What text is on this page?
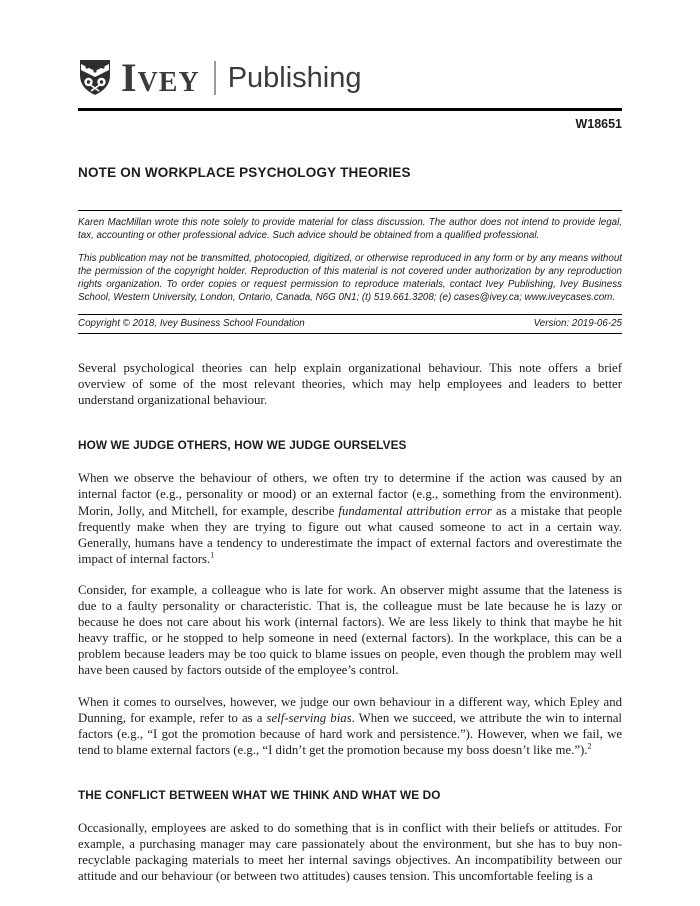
Ivey Publishing
W18651
NOTE ON WORKPLACE PSYCHOLOGY THEORIES

Karen MacMillan wrote this note solely to provide material for class discussion. The author does not intend to provide legal, tax, accounting or other professional advice. Such advice should be obtained from a qualified professional.

This publication may not be transmitted, photocopied, digitized, or otherwise reproduced in any form or by any means without the permission of the copyright holder. Reproduction of this material is not covered under authorization by any reproduction rights organization. To order copies or request permission to reproduce materials, contact Ivey Publishing, Ivey Business School, Western University, London, Ontario, Canada, N6G 0N1; (t) 519.661.3208; (e) cases@ivey.ca; www.iveycases.com.

Copyright © 2018, Ivey Business School Foundation	Version: 2019-06-25

Several psychological theories can help explain organizational behaviour. This note offers a brief overview of some of the most relevant theories, which may help employees and leaders to better understand organizational behaviour.

HOW WE JUDGE OTHERS, HOW WE JUDGE OURSELVES

When we observe the behaviour of others, we often try to determine if the action was caused by an internal factor (e.g., personality or mood) or an external factor (e.g., something from the environment). Morin, Jolly, and Mitchell, for example, describe fundamental attribution error as a mistake that people frequently make when they are trying to figure out what caused someone to act in a certain way. Generally, humans have a tendency to underestimate the impact of external factors and overestimate the impact of internal factors.$^1$

Consider, for example, a colleague who is late for work. An observer might assume that the lateness is due to a faulty personality or characteristic. That is, the colleague must be late because he is lazy or because he does not care about his work (internal factors). We are less likely to think that maybe he hit heavy traffic, or he stopped to help someone in need (external factors). In the workplace, this can be a problem because leaders may be too quick to blame issues on people, even though the problem may well have been caused by factors outside of the employee’s control.

When it comes to ourselves, however, we judge our own behaviour in a different way, which Epley and Dunning, for example, refer to as a self-serving bias. When we succeed, we attribute the win to internal factors (e.g., “I got the promotion because of hard work and persistence.”). However, when we fail, we tend to blame external factors (e.g., “I didn’t get the promotion because my boss doesn’t like me.”).$^2$

THE CONFLICT BETWEEN WHAT WE THINK AND WHAT WE DO

Occasionally, employees are asked to do something that is in conflict with their beliefs or attitudes. For example, a purchasing manager may care passionately about the environment, but she has to buy non-recyclable packaging materials to meet her internal savings objectives. An incompatibility between our attitude and our behaviour (or between two attitudes) causes tension. This uncomfortable feeling is a
